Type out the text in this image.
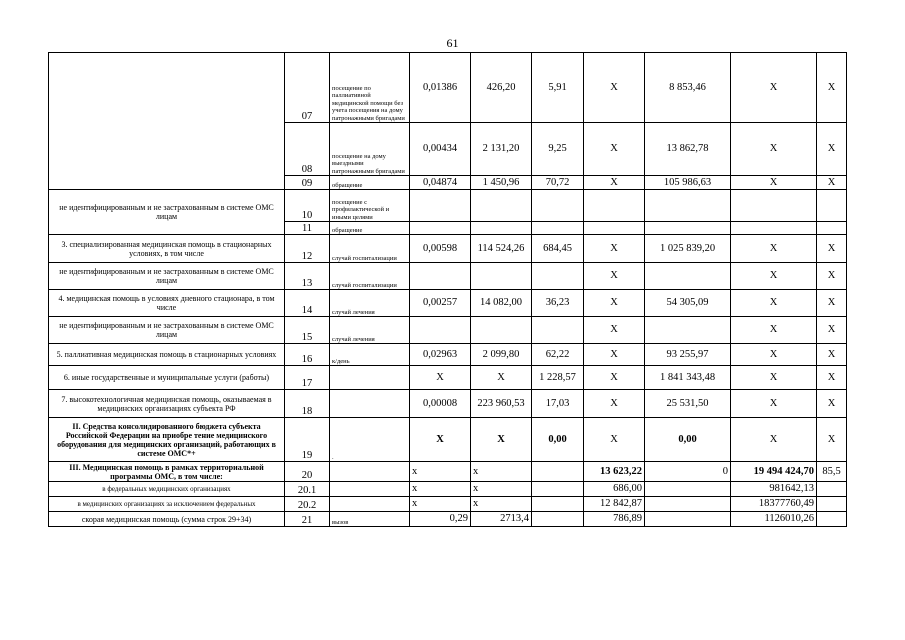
61
	07	посещение по паллиативной медицинской помощи без учета посещения на дому патронажными бригадами	0,01386	426,20	5,91	Х	8 853,46	Х	Х
	08	посещение на дому выездными патронажными бригадами	0,00434	2 131,20	9,25	Х	13 862,78	Х	Х
	09	обращение	0,04874	1 450,96	70,72	Х	105 986,63	Х	Х
не идентифицированным и не застрахованным в системе ОМС лицам	10	посещение с профилактической и иными целями							
	11	обращение							
3. специализированная медицинская помощь в стационарных условиях, в том числе	12	случай госпитализации	0,00598	114 524,26	684,45	Х	1 025 839,20	Х	Х
не идентифицированным и не застрахованным в системе ОМС лицам	13	случай госпитализации				Х		Х	Х
4. медицинская помощь в условиях дневного стационара, в том числе	14	случай лечения	0,00257	14 082,00	36,23	Х	54 305,09	Х	Х
не идентифицированным и не застрахованным в системе ОМС лицам	15	случай лечения				Х		Х	Х
5. паллиативная медицинская помощь в стационарных условиях	16	к/день	0,02963	2 099,80	62,22	Х	93 255,97	Х	Х
6. иные государственные и муниципальные услуги (работы)	17		Х	Х	1 228,57	Х	1 841 343,48	Х	Х
7. высокотехнологичная медицинская помощь, оказываемая в медицинских организациях субъекта РФ	18		0,00008	223 960,53	17,03	Х	25 531,50	Х	Х
II. Средства консолидированного бюджета субъекта Российской Федерации на приобре тение медицинского оборудования для медицинских организаций, работающих в системе ОМС*+	19	.	Х	Х	0,00	Х	0,00	Х	Х
III. Медицинская помощь в рамках территориальной программы ОМС, в том числе:	20		х	х		13 623,22	0	19 494 424,70	85,5
в федеральных медицинских организациях	20.1		х	х		686,00		981642,13	
в медицинских организациях за исключением федеральных	20.2		х	х		12 842,87		18377760,49	
скорая медицинская помощь (сумма строк 29+34)	21	вызов	0,29	2713,4		786,89		1126010,26	
